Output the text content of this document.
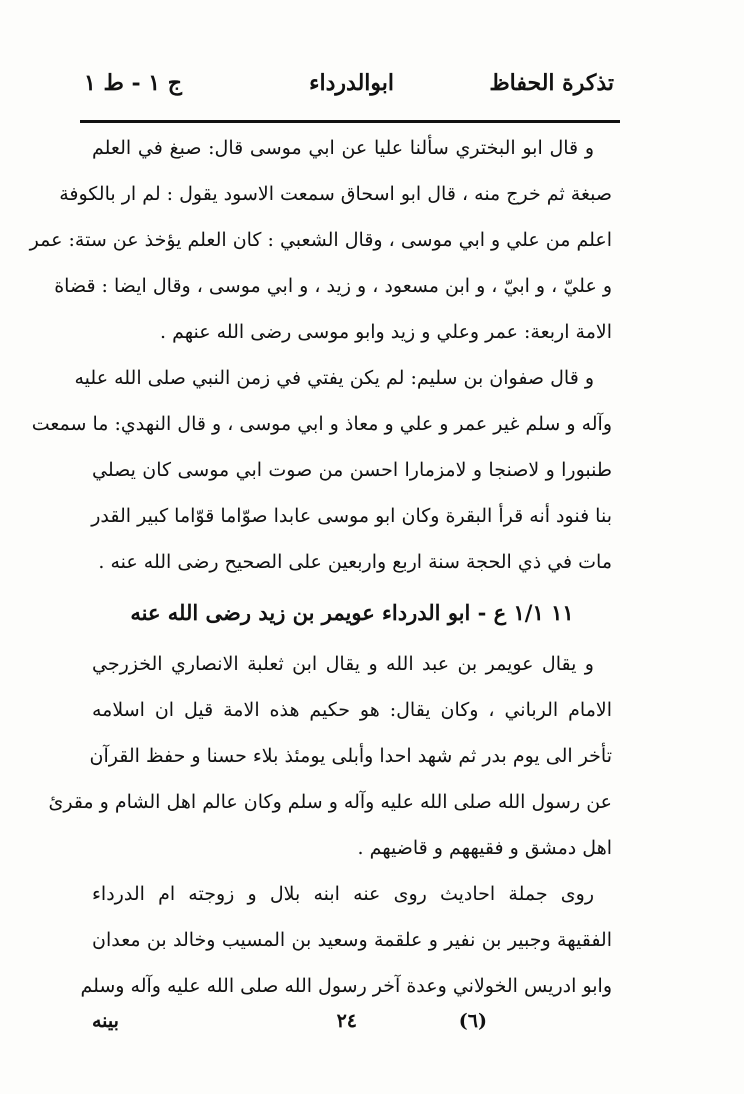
تذكرة الحفاظ
ابوالدرداء
ج ١ - ط ١
و قال ابو البختري سألنا عليا عن ابي موسى قال: صبغ في العلم
صبغة ثم خرج منه ، قال ابو اسحاق سمعت الاسود يقول : لم ار بالكوفة
اعلم من علي و ابي موسى ، وقال الشعبي : كان العلم يؤخذ عن ستة: عمر
و عليّ ، و ابيّ ، و ابن مسعود ، و زيد ، و ابي موسى ، وقال ايضا : قضاة
الامة اربعة: عمر وعلي و زيد وابو موسى رضى الله عنهم .
و قال صفوان بن سليم: لم يكن يفتي في زمن النبي صلى الله عليه
وآله و سلم غير عمر و علي و معاذ و ابي موسى ، و قال النهدي: ما سمعت
طنبورا و لاصنجا و لامزمارا احسن من صوت ابي موسى كان يصلي
بنا فنود أنه قرأ البقرة وكان ابو موسى عابدا صوّاما قوّاما كبير القدر
مات في ذي الحجة سنة اربع واربعين على الصحيح رضى الله عنه .
١١ ١/١ ع - ابو الدرداء عويمر بن زيد رضى الله عنه
و يقال عويمر بن عبد الله و يقال ابن ثعلبة الانصاري الخزرجي
الامام الرباني ، وكان يقال: هو حكيم هذه الامة قيل ان اسلامه
تأخر الى يوم بدر ثم شهد احدا وأبلى يومئذ بلاء حسنا و حفظ القرآن
عن رسول الله صلى الله عليه وآله و سلم وكان عالم اهل الشام و مقرئ
اهل دمشق و فقيههم و قاضيهم .
روى جملة احاديث روى عنه ابنه بلال و زوجته ام الدرداء
الفقيهة وجبير بن نفير و علقمة وسعيد بن المسيب وخالد بن معدان
وابو ادريس الخولاني وعدة آخر رسول الله صلى الله عليه وآله وسلم
٢٤	(٦)
بينه
